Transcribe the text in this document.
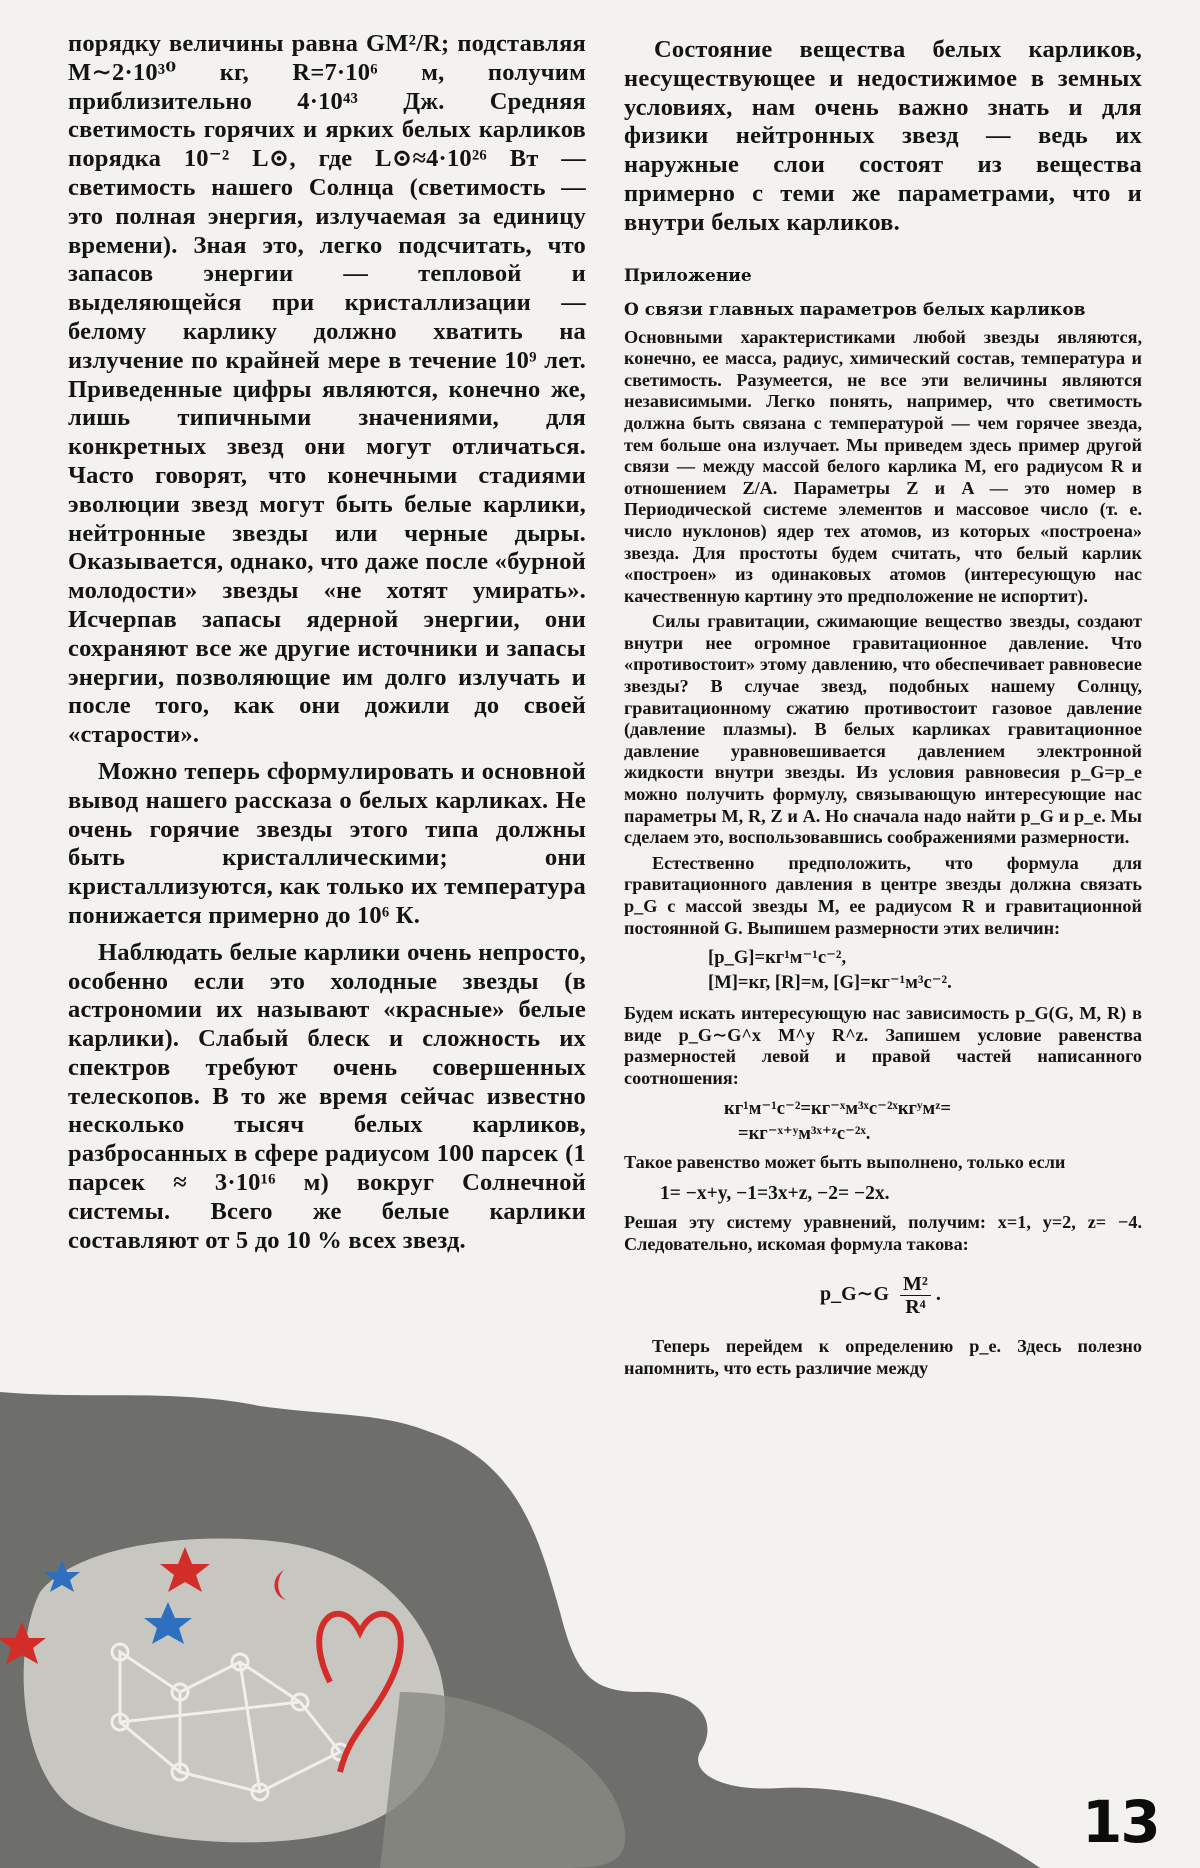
порядку величины равна GM²/R; подставляя M∼2·10³⁰ кг, R=7·10⁶ м, получим приблизительно 4·10⁴³ Дж. Средняя светимость горячих и ярких белых карликов порядка 10⁻² L⊙, где L⊙≈4·10²⁶ Вт — светимость нашего Солнца (светимость — это полная энергия, излучаемая за единицу времени). Зная это, легко подсчитать, что запасов энергии — тепловой и выделяющейся при кристаллизации — белому карлику должно хватить на излучение по крайней мере в течение 10⁹ лет. Приведенные цифры являются, конечно же, лишь типичными значениями, для конкретных звезд они могут отличаться. Часто говорят, что конечными стадиями эволюции звезд могут быть белые карлики, нейтронные звезды или черные дыры. Оказывается, однако, что даже после «бурной молодости» звезды «не хотят умирать». Исчерпав запасы ядерной энергии, они сохраняют все же другие источники и запасы энергии, позволяющие им долго излучать и после того, как они дожили до своей «старости».

Можно теперь сформулировать и основной вывод нашего рассказа о белых карликах. Не очень горячие звезды этого типа должны быть кристаллическими; они кристаллизуются, как только их температура понижается примерно до 10⁶ К.

Наблюдать белые карлики очень непросто, особенно если это холодные звезды (в астрономии их называют «красные» белые карлики). Слабый блеск и сложность их спектров требуют очень совершенных телескопов. В то же время сейчас известно несколько тысяч белых карликов, разбросанных в сфере радиусом 100 парсек (1 парсек ≈ 3·10¹⁶ м) вокруг Солнечной системы. Всего же белые карлики составляют от 5 до 10 % всех звезд.

Состояние вещества белых карликов, несуществующее и недостижимое в земных условиях, нам очень важно знать и для физики нейтронных звезд — ведь их наружные слои состоят из вещества примерно с теми же параметрами, что и внутри белых карликов.

Приложение
О связи главных параметров белых карликов

Основными характеристиками любой звезды являются, конечно, ее масса, радиус, химический состав, температура и светимость. Разумеется, не все эти величины являются независимыми. Легко понять, например, что светимость должна быть связана с температурой — чем горячее звезда, тем больше она излучает. Мы приведем здесь пример другой связи — между массой белого карлика M, его радиусом R и отношением Z/A. Параметры Z и A — это номер в Периодической системе элементов и массовое число (т. е. число нуклонов) ядер тех атомов, из которых «построена» звезда. Для простоты будем считать, что белый карлик «построен» из одинаковых атомов (интересующую нас качественную картину это предположение не испортит).

Силы гравитации, сжимающие вещество звезды, создают внутри нее огромное гравитационное давление. Что «противостоит» этому давлению, что обеспечивает равновесие звезды? В случае звезд, подобных нашему Солнцу, гравитационному сжатию противостоит газовое давление (давление плазмы). В белых карликах гравитационное давление уравновешивается давлением электронной жидкости внутри звезды. Из условия равновесия p_G=p_e можно получить формулу, связывающую интересующие нас параметры M, R, Z и A. Но сначала надо найти p_G и p_e. Мы сделаем это, воспользовавшись соображениями размерности.

Естественно предположить, что формула для гравитационного давления в центре звезды должна связать p_G с массой звезды M, ее радиусом R и гравитационной постоянной G. Выпишем размерности этих величин:

[p_G]=кг¹м⁻¹с⁻²,
[M]=кг, [R]=м, [G]=кг⁻¹м³с⁻².

Будем искать интересующую нас зависимость p_G(G, M, R) в виде p_G∼G^x M^y R^z. Запишем условие равенства размерностей левой и правой частей написанного соотношения:

кг¹м⁻¹с⁻²=кг⁻ˣм³ˣс⁻²ˣкгʸмᶻ=
=кг⁻ˣ⁺ʸм³ˣ⁺ᶻс⁻²ˣ.

Такое равенство может быть выполнено, только если

1= −x+y, −1=3x+z, −2= −2x.

Решая эту систему уравнений, получим: x=1, y=2, z= −4. Следовательно, искомая формула такова:

p_G∼G $\frac{\text{M²}}{\text{R⁴}}$ .

Теперь перейдем к определению p_e. Здесь полезно напомнить, что есть различие между

13
